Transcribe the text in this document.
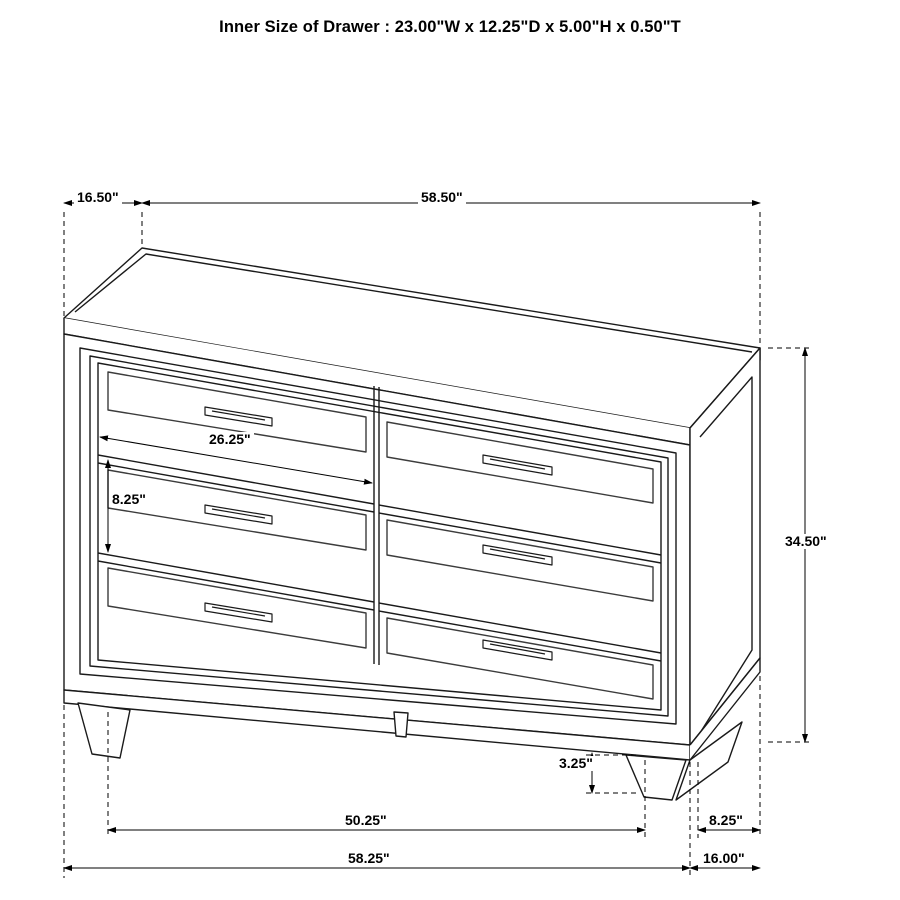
Inner Size of Drawer : 23.00"W x 12.25"D x 5.00"H x 0.50"T
16.50"	58.50"
26.25"
8.25"
34.50"
3.25"
50.25"
58.25"
8.25"
16.00"
